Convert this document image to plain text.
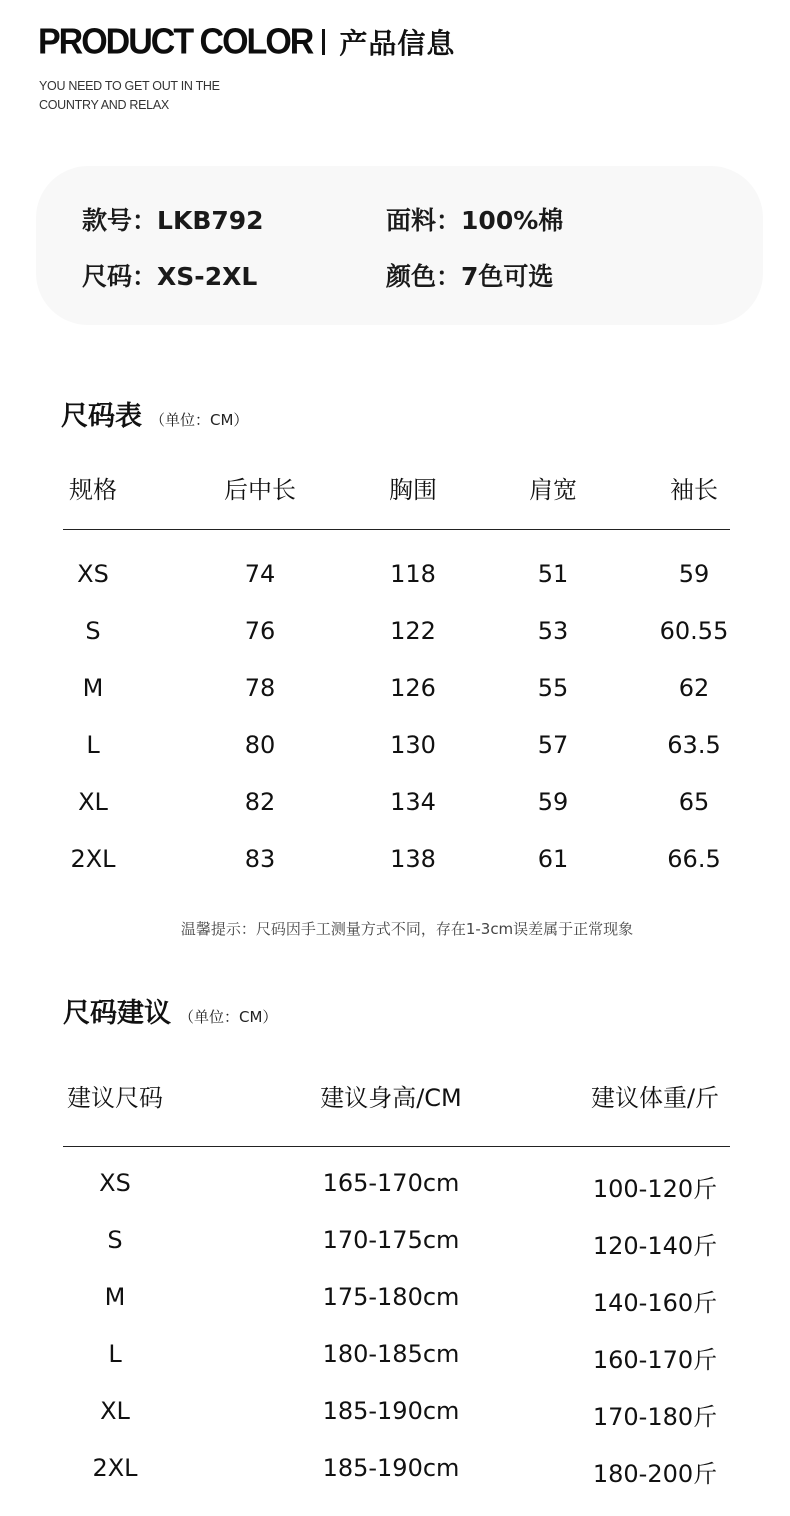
PRODUCT COLOR 产品信息
YOU NEED TO GET OUT IN THE
COUNTRY AND RELAX
款号 ： LKB792	面料 ： 100%棉
尺码 ： XS-2XL	颜色 ： 7色可选
尺码表 （单位：CM）
规格	后中长	胸围	肩宽	袖长
XS	74	118	51	59
S	76	122	53	60.55
M	78	126	55	62
L	80	130	57	63.5
XL	82	134	59	65
2XL	83	138	61	66.5
温馨提示：尺码因手工测量方式不同，存在1-3cm误差属于正常现象
尺码建议 （单位：CM）
建议尺码	建议身高/CM	建议体重/斤
XS	165-170cm	100-120斤
S	170-175cm	120-140斤
M	175-180cm	140-160斤
L	180-185cm	160-170斤
XL	185-190cm	170-180斤
2XL	185-190cm	180-200斤
